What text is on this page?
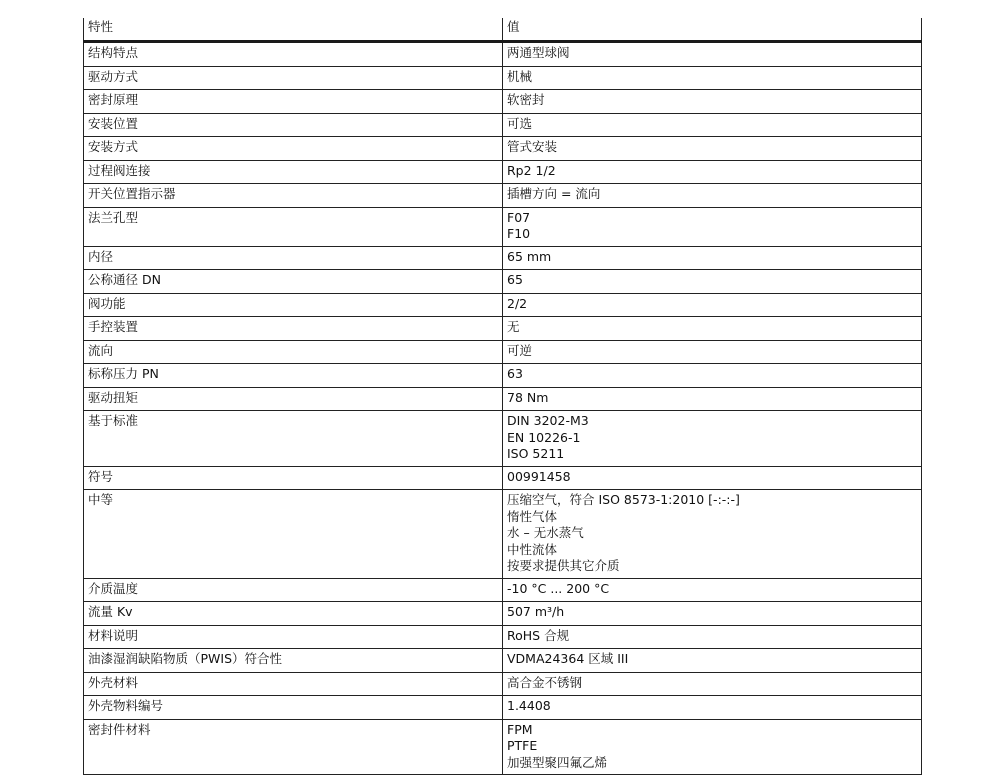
特性	值
结构特点	两通型球阀

驱动方式	机械

密封原理	软密封

安装位置	可选

安装方式	管式安装

过程阀连接	Rp2 1/2

开关位置指示器	插槽方向 = 流向

法兰孔型	F07
F10

内径	65 mm

公称通径 DN	65

阀功能	2/2

手控装置	无

流向	可逆

标称压力 PN	63

驱动扭矩	78 Nm

基于标准	DIN 3202-M3
EN 10226-1
ISO 5211

符号	00991458

中等	压缩空气，符合 ISO 8573-1:2010 [-:-:-]
惰性气体
水 – 无水蒸气
中性流体
按要求提供其它介质

介质温度	-10 °C ... 200 °C

流量 Kv	507 m³/h

材料说明	RoHS 合规

油漆湿润缺陷物质（PWIS）符合性	VDMA24364 区域 III

外壳材料	高合金不锈钢

外壳物料编号	1.4408

密封件材料	FPM
PTFE
加强型聚四氟乙烯
